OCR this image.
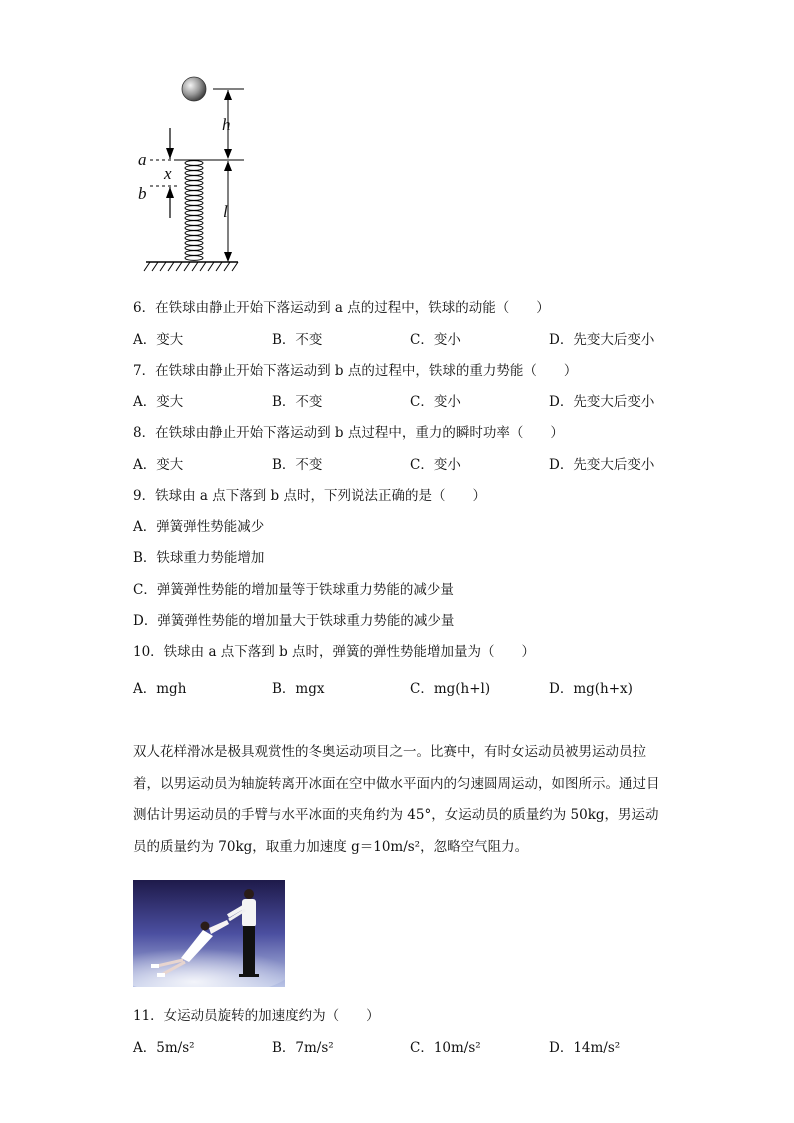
h
l
x
a
b
6．在铁球由静止开始下落运动到 a 点的过程中，铁球的动能（　　）
A．变大	B．不变	C．变小	D．先变大后变小
7．在铁球由静止开始下落运动到 b 点的过程中，铁球的重力势能（　　）
A．变大	B．不变	C．变小	D．先变大后变小
8．在铁球由静止开始下落运动到 b 点过程中，重力的瞬时功率（　　）
A．变大	B．不变	C．变小	D．先变大后变小
9．铁球由 a 点下落到 b 点时，下列说法正确的是（　　）
A．弹簧弹性势能减少
B．铁球重力势能增加
C．弹簧弹性势能的增加量等于铁球重力势能的减少量
D．弹簧弹性势能的增加量大于铁球重力势能的减少量
10．铁球由 a 点下落到 b 点时，弹簧的弹性势能增加量为（　　）
A．mgh	B．mgx	C．mg(h+l)	D．mg(h+x)
双人花样滑冰是极具观赏性的冬奥运动项目之一。比赛中，有时女运动员被男运动员拉着，以男运动员为轴旋转离开冰面在空中做水平面内的匀速圆周运动，如图所示。通过目测估计男运动员的手臂与水平冰面的夹角约为 45°，女运动员的质量约为 50kg，男运动员的质量约为 70kg，取重力加速度 g＝10m/s²，忽略空气阻力。
11．女运动员旋转的加速度约为（　　）
A．5m/s²	B．7m/s²	C．10m/s²	D．14m/s²
